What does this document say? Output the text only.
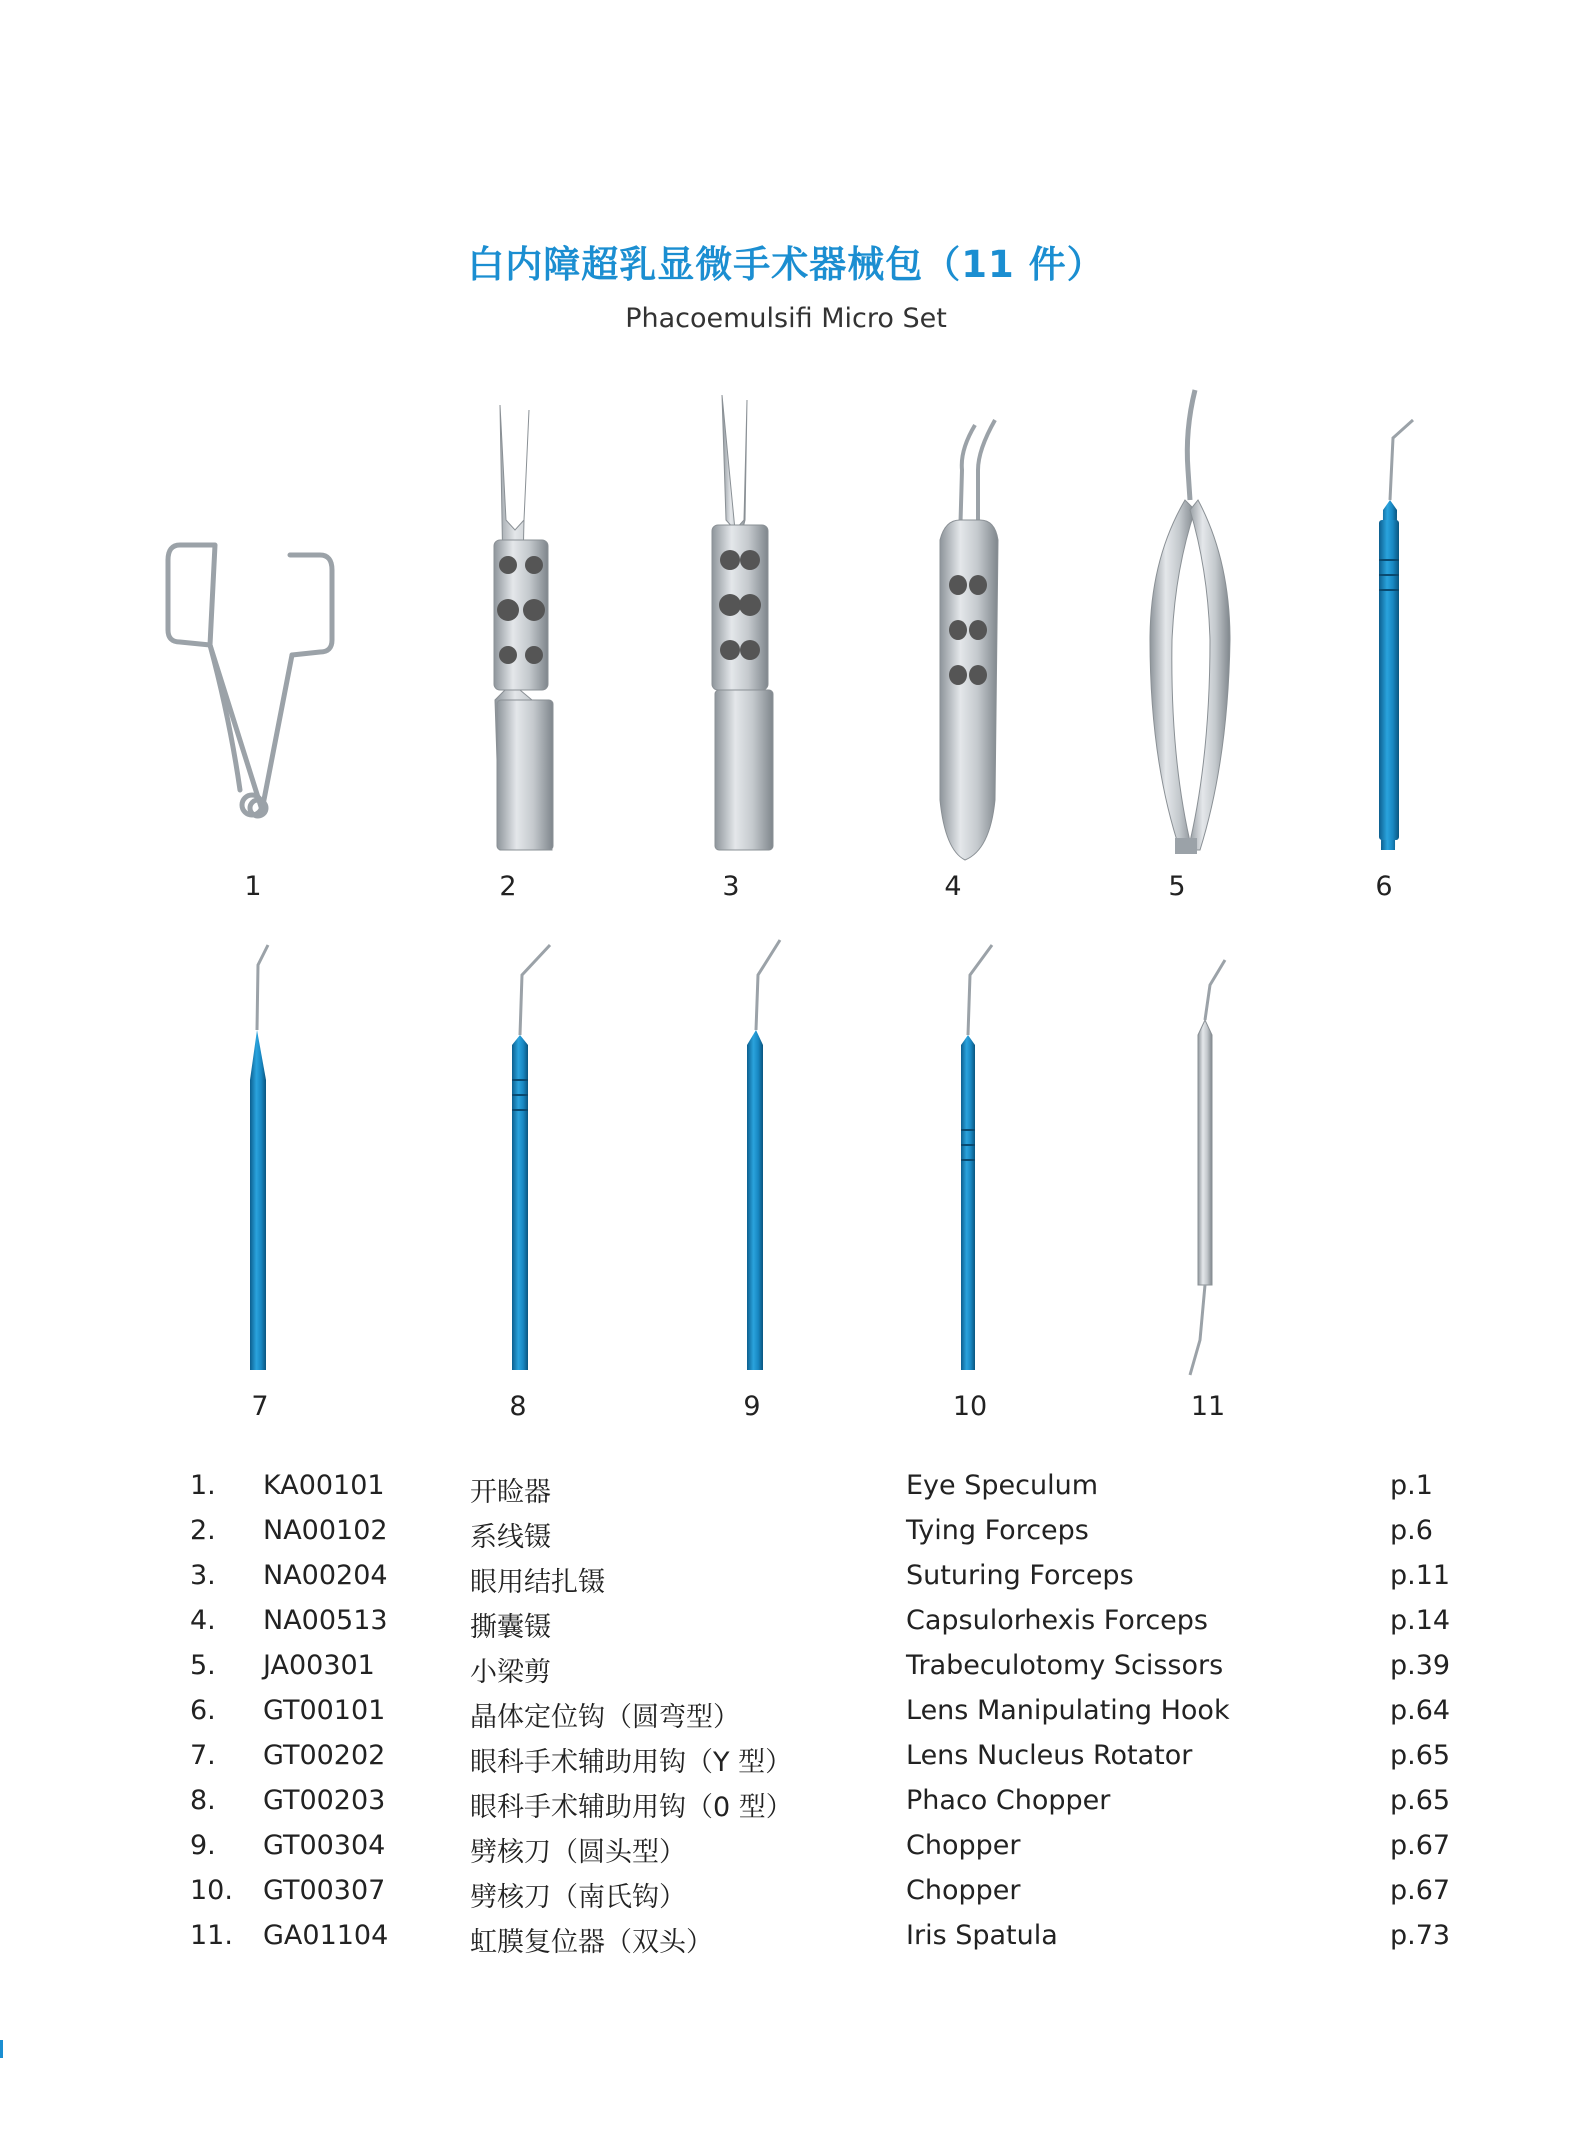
白内障超乳显微手术器械包（11 件）
Phacoemulsifi Micro Set
1	2	3	4	5	6
7	8	9	10	11
1. KA00101	开睑器	Eye Speculum	p.1
2. NA00102	系线镊	Tying Forceps	p.6
3. NA00204	眼用结扎镊	Suturing Forceps	p.11
4. NA00513	撕囊镊	Capsulorhexis Forceps	p.14
5. JA00301	小梁剪	Trabeculotomy Scissors	p.39
6. GT00101	晶体定位钩（圆弯型）	Lens Manipulating Hook	p.64
7. GT00202	眼科手术辅助用钩（Y 型）	Lens Nucleus Rotator	p.65
8. GT00203	眼科手术辅助用钩（0 型）	Phaco Chopper	p.65
9. GT00304	劈核刀（圆头型）	Chopper	p.67
10. GT00307	劈核刀（南氏钩）	Chopper	p.67
11. GA01104	虹膜复位器（双头）	Iris Spatula	p.73
